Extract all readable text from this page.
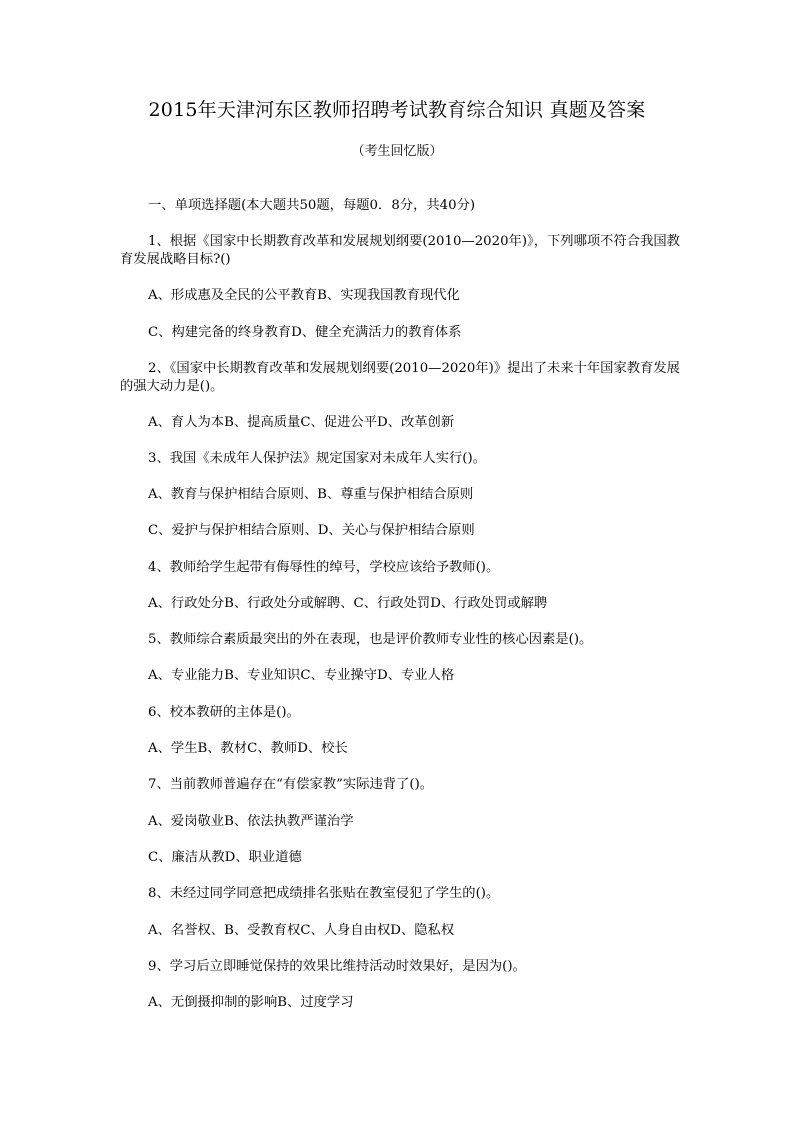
2015年天津河东区教师招聘考试教育综合知识 真题及答案
（考生回忆版）
一、单项选择题(本大题共50题，每题0．8分，共40分)
1、根据《国家中长期教育改革和发展规划纲要(2010—2020年)》，下列哪项不符合我国教育发展战略目标?()
A、形成惠及全民的公平教育B、实现我国教育现代化
C、构建完备的终身教育D、健全充满活力的教育体系
2、《国家中长期教育改革和发展规划纲要(2010—2020年)》提出了未来十年国家教育发展的强大动力是()。
A、育人为本B、提高质量C、促进公平D、改革创新
3、我国《未成年人保护法》规定国家对未成年人实行()。
A、教育与保护相结合原则、B、尊重与保护相结合原则
C、爱护与保护相结合原则、D、关心与保护相结合原则
4、教师给学生起带有侮辱性的绰号，学校应该给予教师()。
A、行政处分B、行政处分或解聘、C、行政处罚D、行政处罚或解聘
5、教师综合素质最突出的外在表现，也是评价教师专业性的核心因素是()。
A、专业能力B、专业知识C、专业操守D、专业人格
6、校本教研的主体是()。
A、学生B、教材C、教师D、校长
7、当前教师普遍存在“有偿家教”实际违背了()。
A、爱岗敬业B、依法执教严谨治学
C、廉洁从教D、职业道德
8、未经过同学同意把成绩排名张贴在教室侵犯了学生的()。
A、名誉权、B、受教育权C、人身自由权D、隐私权
9、学习后立即睡觉保持的效果比维持活动时效果好，是因为()。
A、无倒摄抑制的影响B、过度学习
